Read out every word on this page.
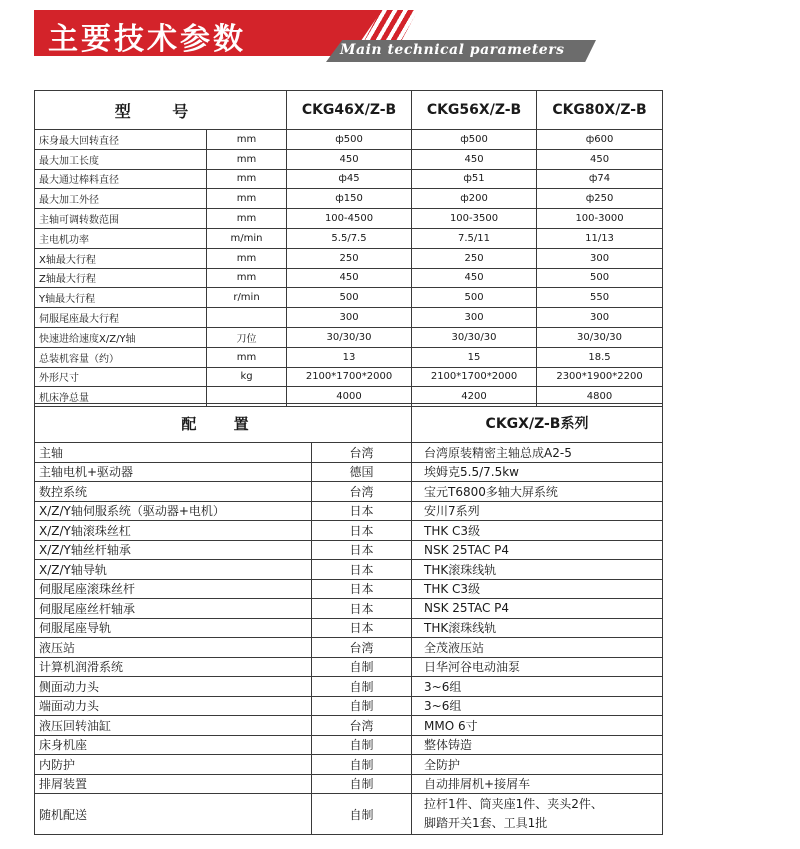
主要技术参数	Main technical parameters
型 号		CKG46X/Z-B	CKG56X/Z-B	CKG80X/Z-B
床身最大回转直径	mm	ф500	ф500	ф600
最大加工长度	mm	450	450	450
最大通过棒料直径	mm	ф45	ф51	ф74
最大加工外径	mm	ф150	ф200	ф250
主轴可调转数范围	mm	100-4500	100-3500	100-3000
主电机功率	m/min	5.5/7.5	7.5/11	11/13
X轴最大行程	mm	250	250	300
Z轴最大行程	mm	450	450	500
Y轴最大行程	r/min	500	500	550
伺服尾座最大行程		300	300	300
快速进给速度X/Z/Y轴	刀位	30/30/30	30/30/30	30/30/30
总装机容量（约）	mm	13	15	18.5
外形尺寸	kg	2100*1700*2000	2100*1700*2000	2300*1900*2200
机床净总量		4000	4200	4800
配 置		CKGX/Z-B系列
主轴	台湾	台湾原装精密主轴总成A2-5
主轴电机+驱动器	德国	埃姆克5.5/7.5kw
数控系统	台湾	宝元T6800多轴大屏系统
X/Z/Y轴伺服系统（驱动器+电机）	日本	安川7系列
X/Z/Y轴滚珠丝杠	日本	THK C3级
X/Z/Y轴丝杆轴承	日本	NSK 25TAC P4
X/Z/Y轴导轨	日本	THK滚珠线轨
伺服尾座滚珠丝杆	日本	THK C3级
伺服尾座丝杆轴承	日本	NSK 25TAC P4
伺服尾座导轨	日本	THK滚珠线轨
液压站	台湾	全茂液压站
计算机润滑系统	自制	日华河谷电动油泵
侧面动力头	自制	3~6组
端面动力头	自制	3~6组
液压回转油缸	台湾	MMO 6寸
床身机座	自制	整体铸造
内防护	自制	全防护
排屑装置	自制	自动排屑机+接屑车
随机配送	自制	拉杆1件、筒夹座1件、夹头2件、
脚踏开关1套、工具1批
